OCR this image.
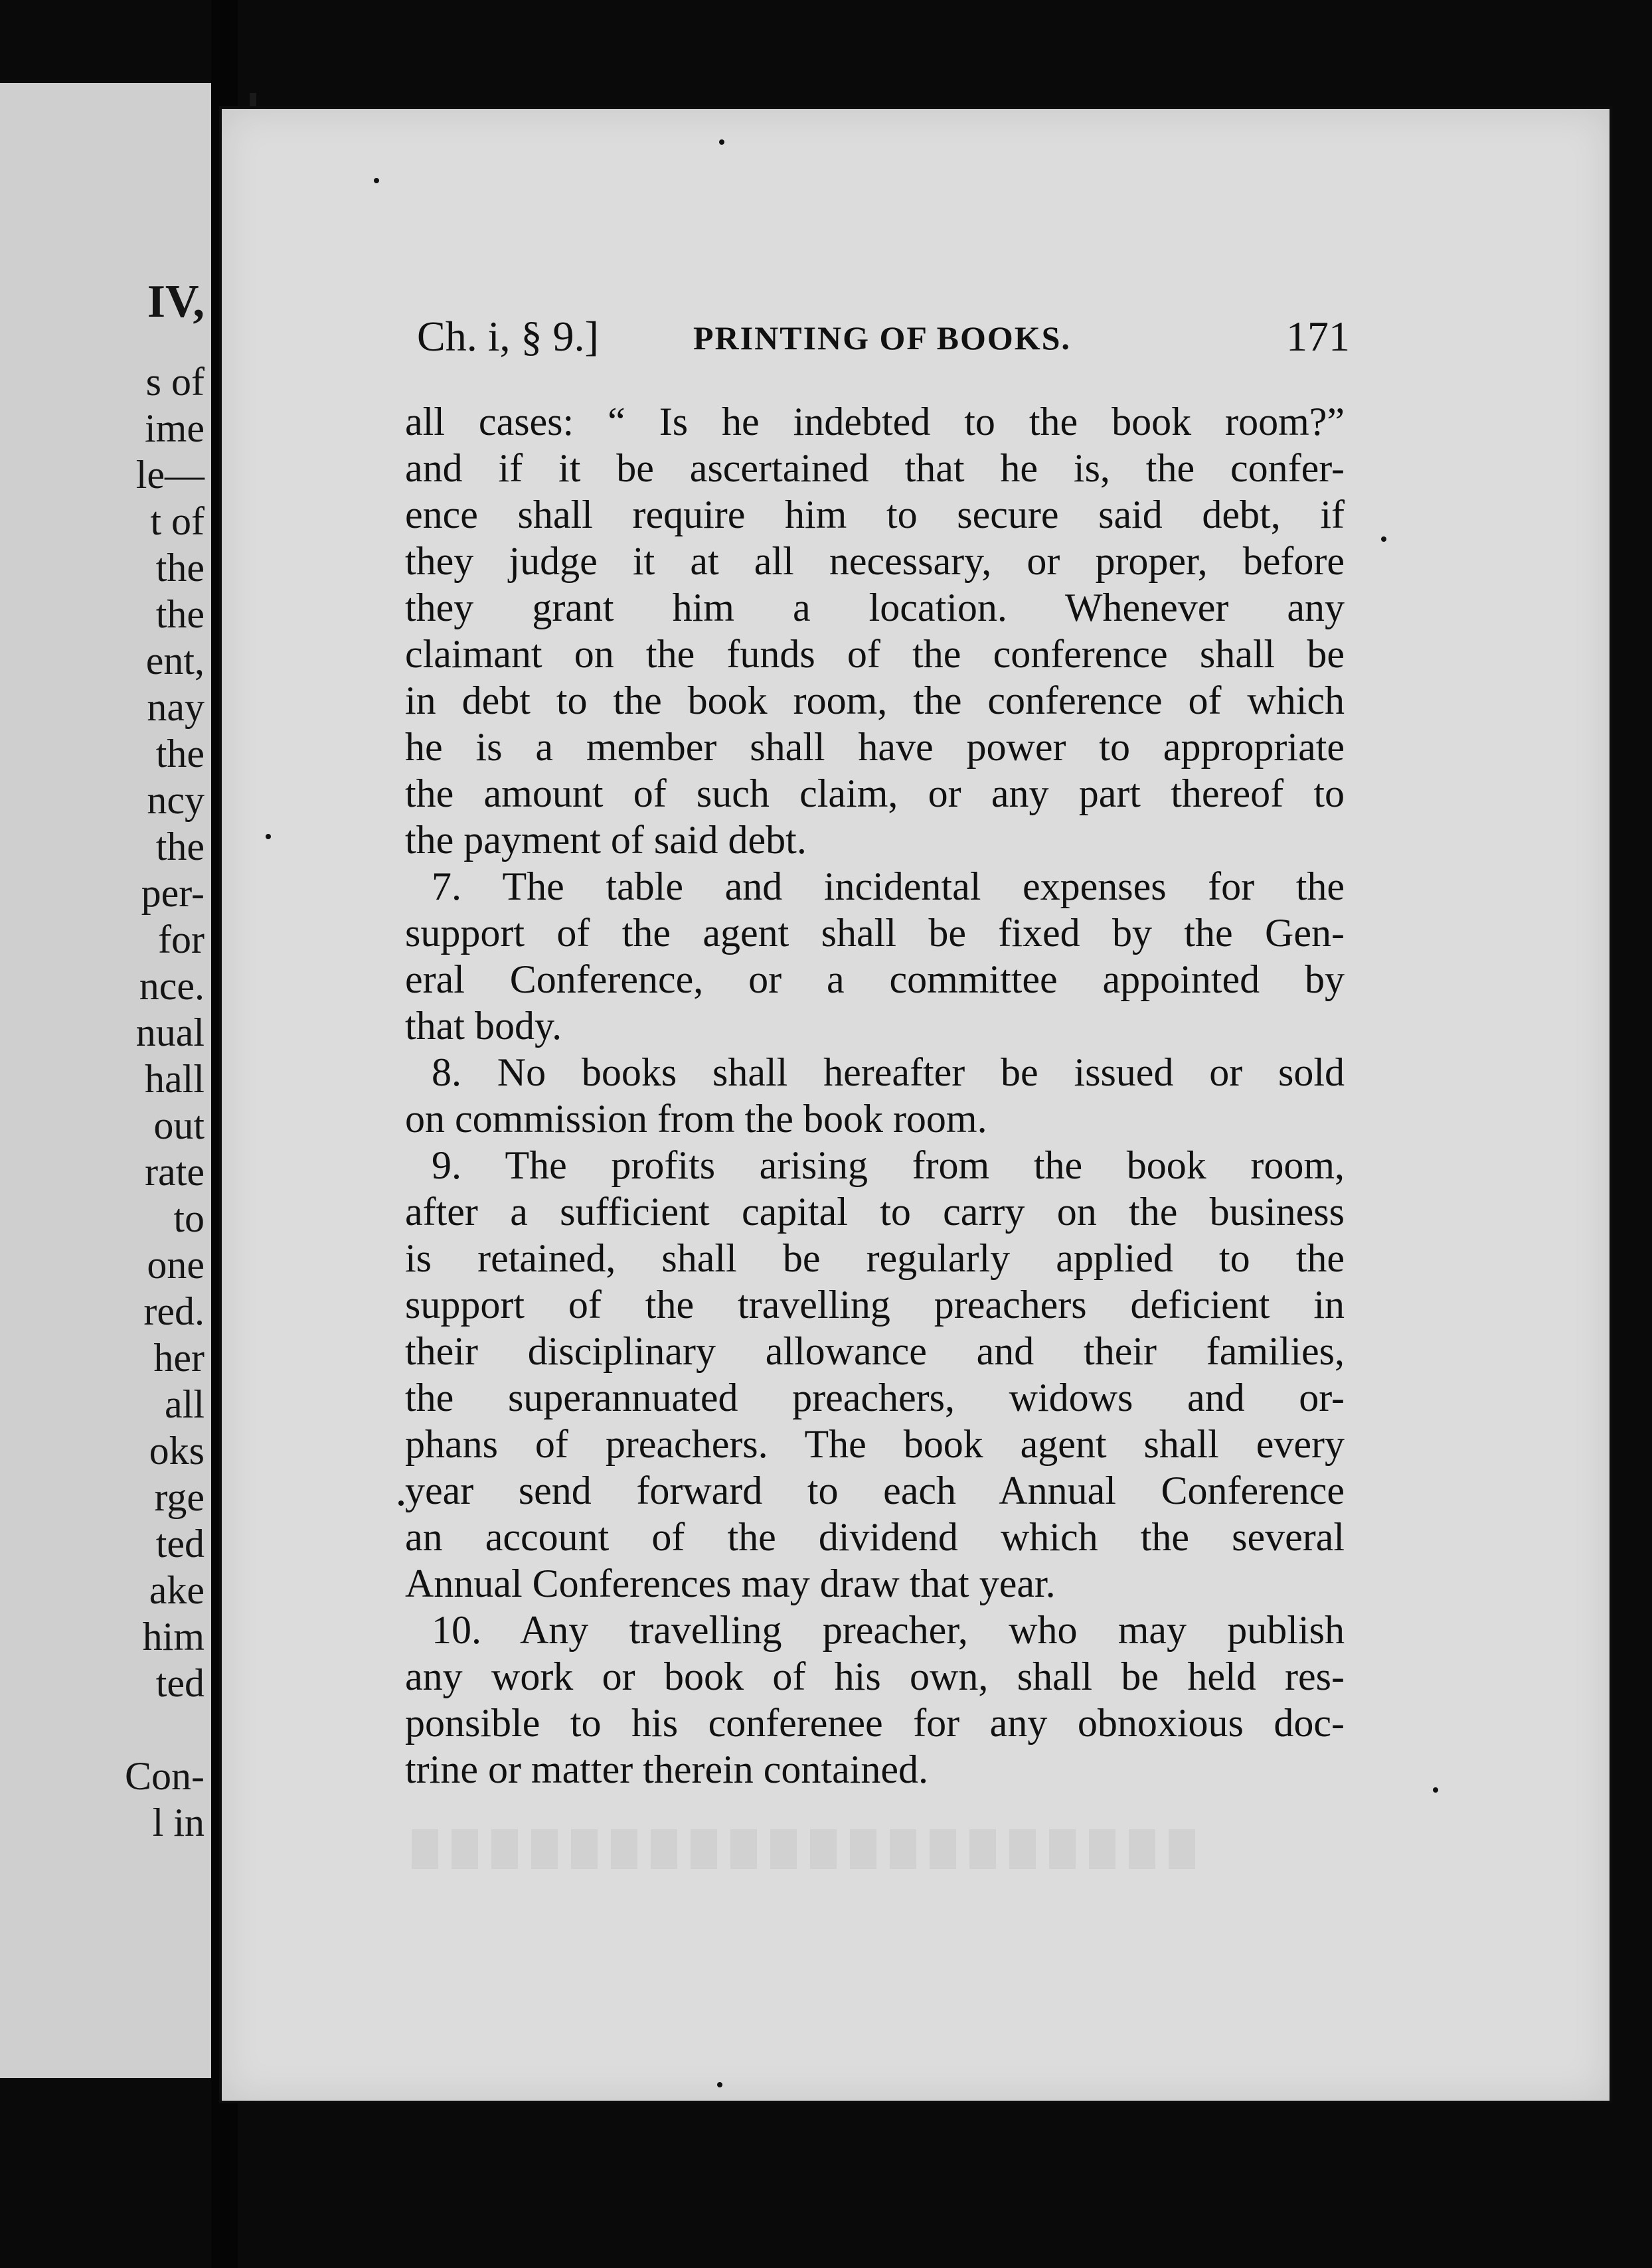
IV,

s of

ime

le—

t of

the

the

ent,

nay

the

ncy

the

per-

for

nce.

nual

hall

out

rate

to

one

red.

her

all

oks

rge

ted

ake

him

ted

Con-

l in

Ch. i, § 9.]	PRINTING OF BOOKS.	171
all cases: “ Is he indebted to the book room?”
and if it be ascertained that he is, the confer-
ence shall require him to secure said debt, if
they judge it at all necessary, or proper, before
they grant him a location. Whenever any
claimant on the funds of the conference shall be
in debt to the book room, the conference of which
he is a member shall have power to appropriate
the amount of such claim, or any part thereof to
the payment of said debt.
7. The table and incidental expenses for the
support of the agent shall be fixed by the Gen-
eral Conference, or a committee appointed by
that body.
8. No books shall hereafter be issued or sold
on commission from the book room.
9. The profits arising from the book room,
after a sufficient capital to carry on the business
is retained, shall be regularly applied to the
support of the travelling preachers deficient in
their disciplinary allowance and their families,
the superannuated preachers, widows and or-
phans of preachers. The book agent shall every
year send forward to each Annual Conference
an account of the dividend which the several
Annual Conferences may draw that year.
10. Any travelling preacher, who may publish
any work or book of his own, shall be held res-
ponsible to his conferenee for any obnoxious doc-
trine or matter therein contained.
